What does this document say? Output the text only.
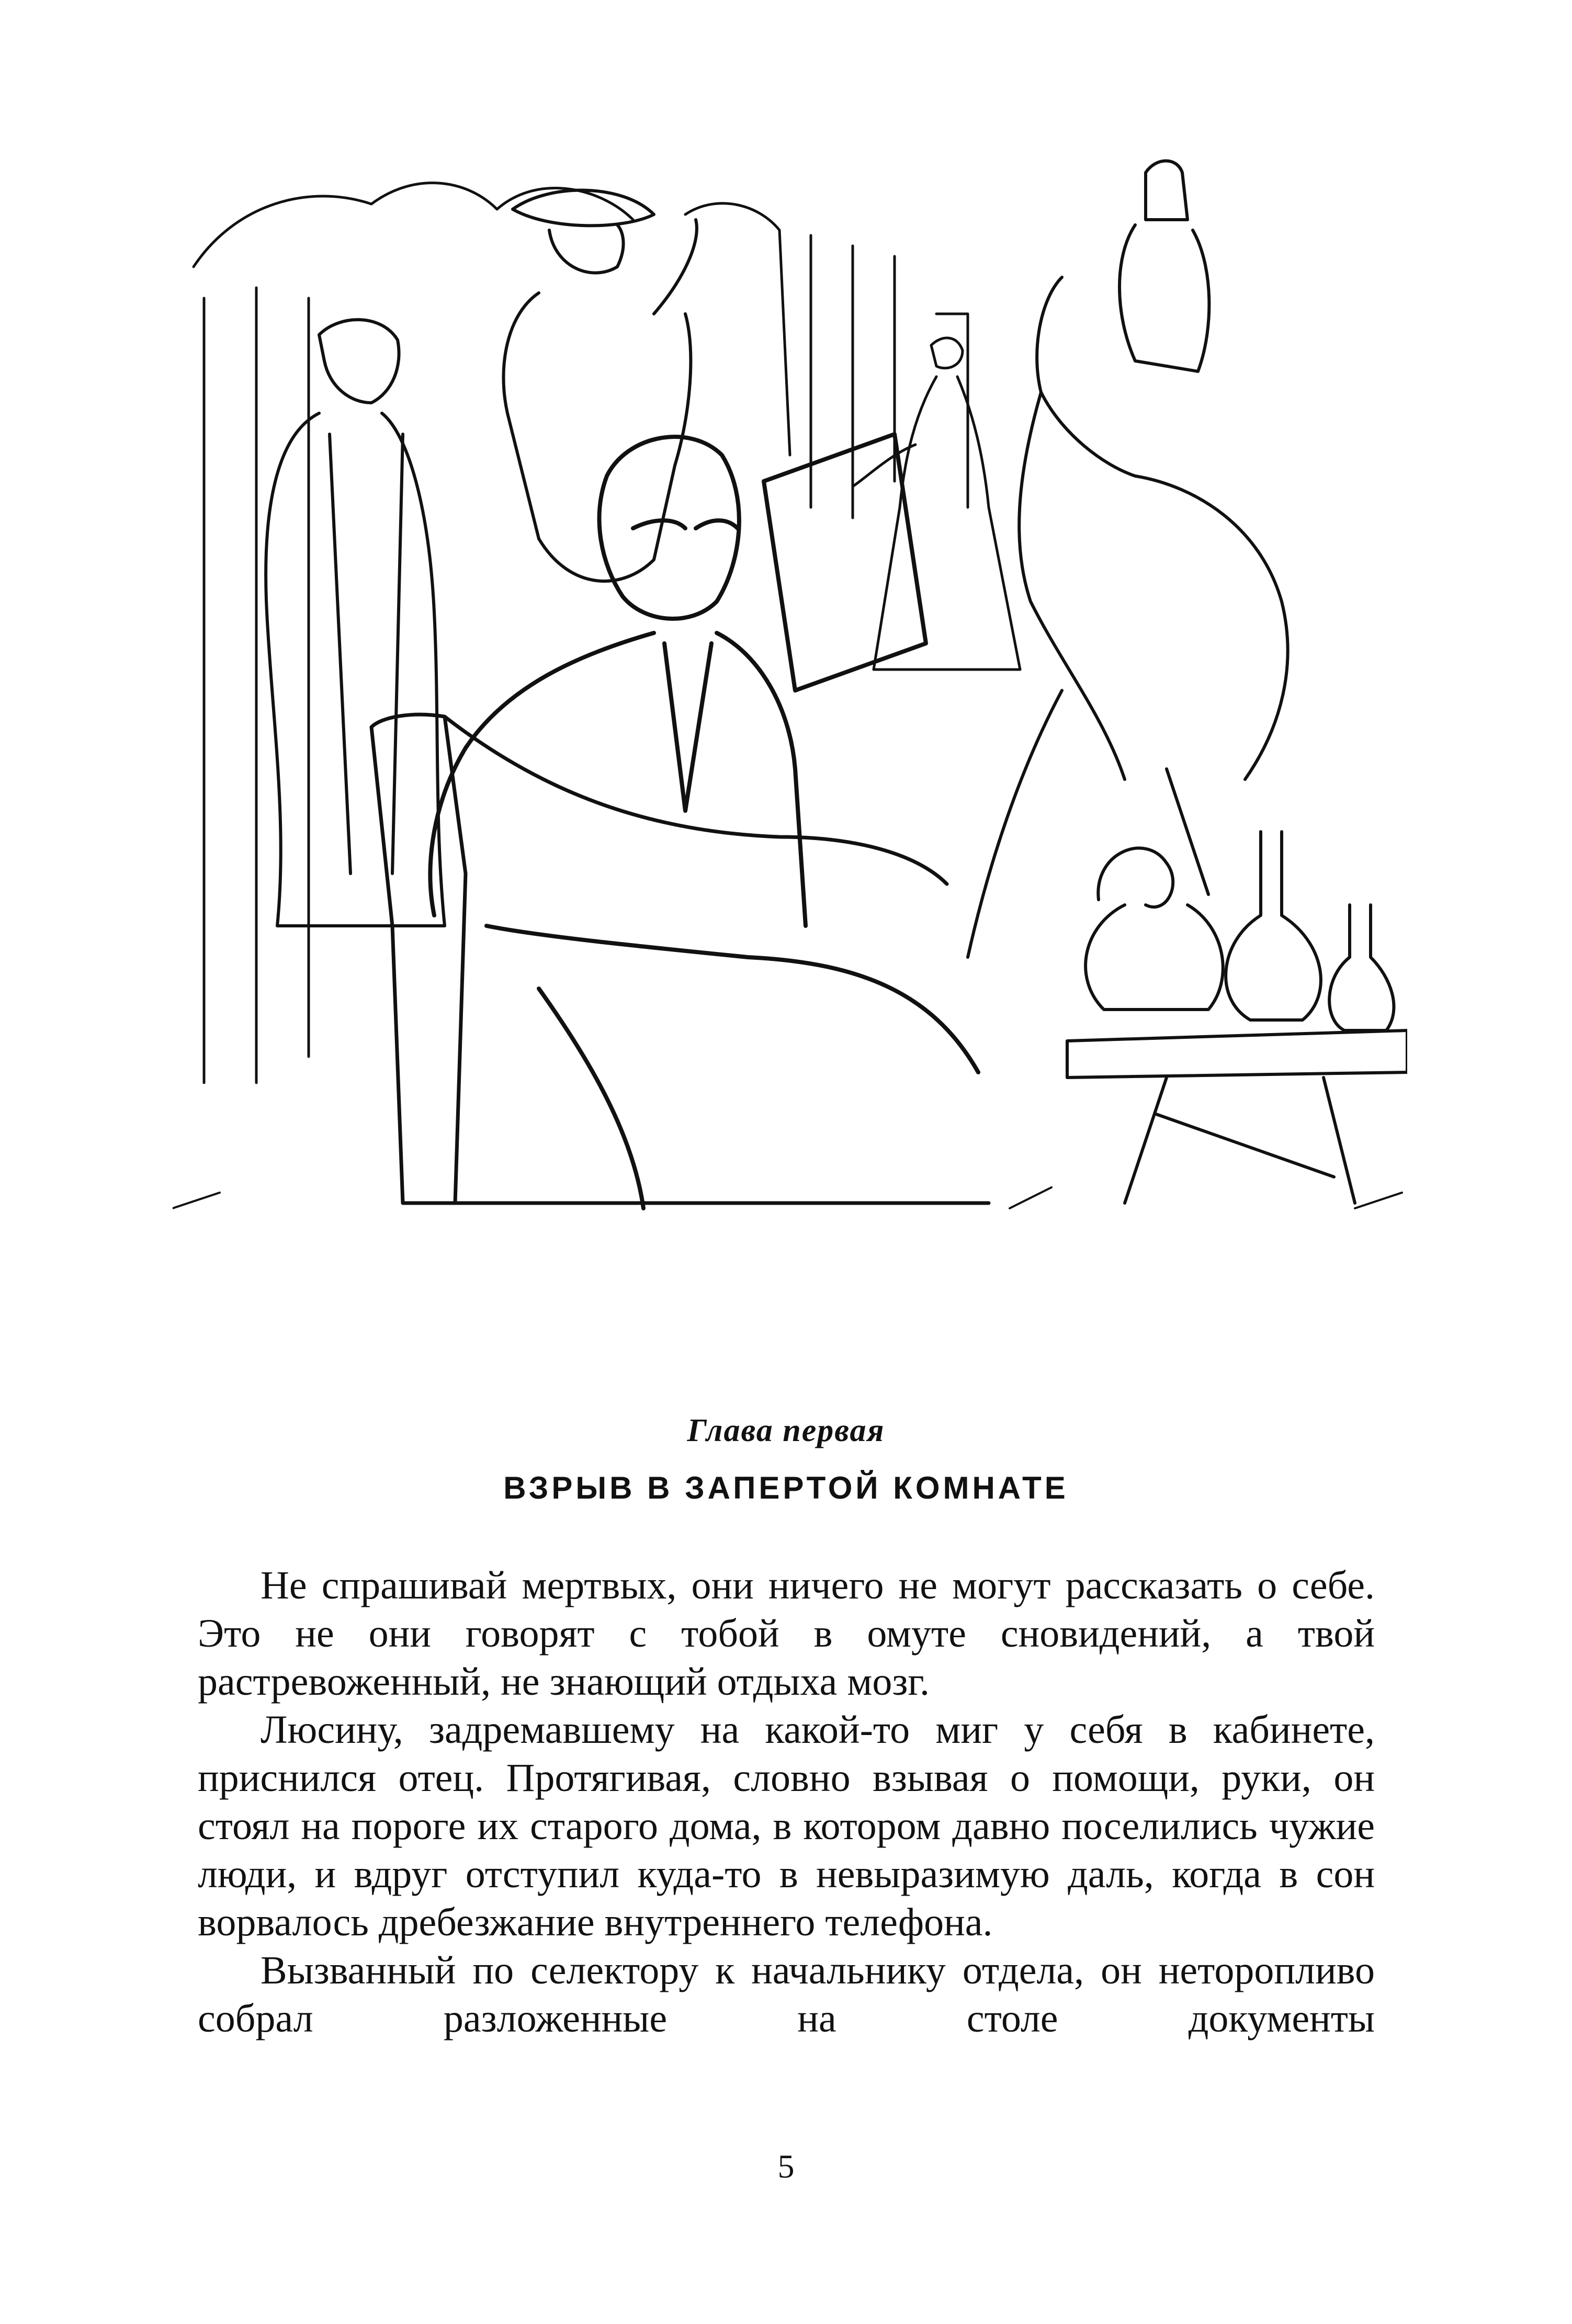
Глава первая
ВЗРЫВ В ЗАПЕРТОЙ КОМНАТЕ

Не спрашивай мертвых, они ничего не могут рассказать о себе. Это не они говорят с тобой в омуте сновидений, а твой растревоженный, не знающий отдыха мозг.

Люсину, задремавшему на какой-то миг у себя в кабинете, приснился отец. Протягивая, словно взывая о помощи, руки, он стоял на пороге их старого дома, в котором давно поселились чужие люди, и вдруг отступил куда-то в невыразимую даль, когда в сон ворвалось дребезжание внутреннего телефона.

Вызванный по селектору к начальнику отдела, он неторопливо собрал разложенные на столе документы

5
